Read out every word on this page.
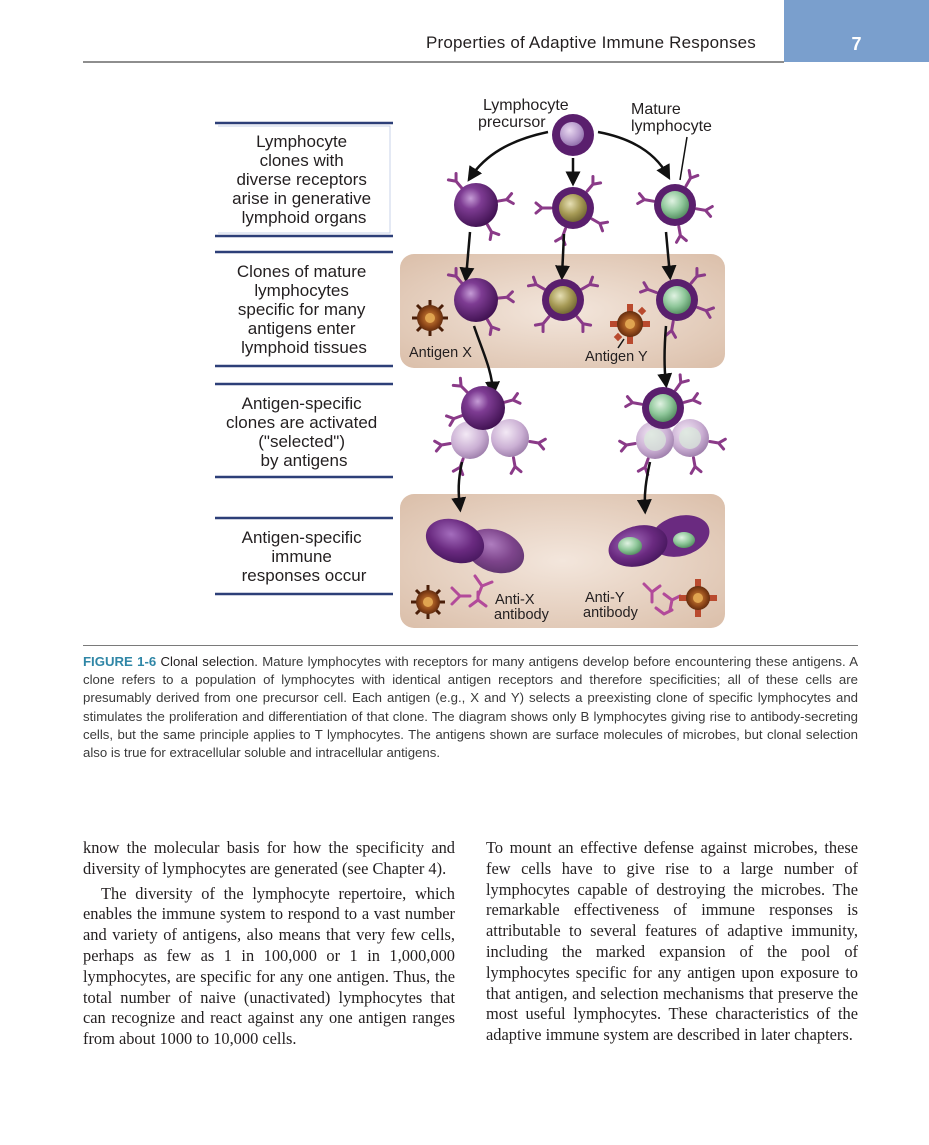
Properties of Adaptive Immune Responses	7
Lymphocyte clones with diverse receptors arise in generative lymphoid organs
Clones of mature lymphocytes specific for many antigens enter lymphoid tissues
Antigen-specific clones are activated ("selected") by antigens
Antigen-specific immune responses occur
Lymphocyte precursor
Mature lymphocyte
Antigen X	Antigen Y
Anti-X antibody
Anti-Y antibody
FIGURE 1-6 Clonal selection. Mature lymphocytes with receptors for many antigens develop before encountering these antigens. A clone refers to a population of lymphocytes with identical antigen receptors and therefore specificities; all of these cells are presumably derived from one precursor cell. Each antigen (e.g., X and Y) selects a preexisting clone of specific lymphocytes and stimulates the proliferation and differentiation of that clone. The diagram shows only B lymphocytes giving rise to antibody-secreting cells, but the same principle applies to T lymphocytes. The antigens shown are surface molecules of microbes, but clonal selection also is true for extracellular soluble and intracellular antigens.

know the molecular basis for how the specificity and diversity of lymphocytes are generated (see Chapter 4).

The diversity of the lymphocyte repertoire, which enables the immune system to respond to a vast number and variety of antigens, also means that very few cells, perhaps as few as 1 in 100,000 or 1 in 1,000,000 lymphocytes, are specific for any one antigen. Thus, the total number of naive (unactivated) lymphocytes that can recognize and react against any one antigen ranges from about 1000 to 10,000 cells.

To mount an effective defense against microbes, these few cells have to give rise to a large number of lymphocytes capable of destroying the microbes. The remarkable effectiveness of immune responses is attributable to several features of adaptive immunity, including the marked expansion of the pool of lymphocytes specific for any antigen upon exposure to that antigen, and selection mechanisms that preserve the most useful lymphocytes. These characteristics of the adaptive immune system are described in later chapters.
